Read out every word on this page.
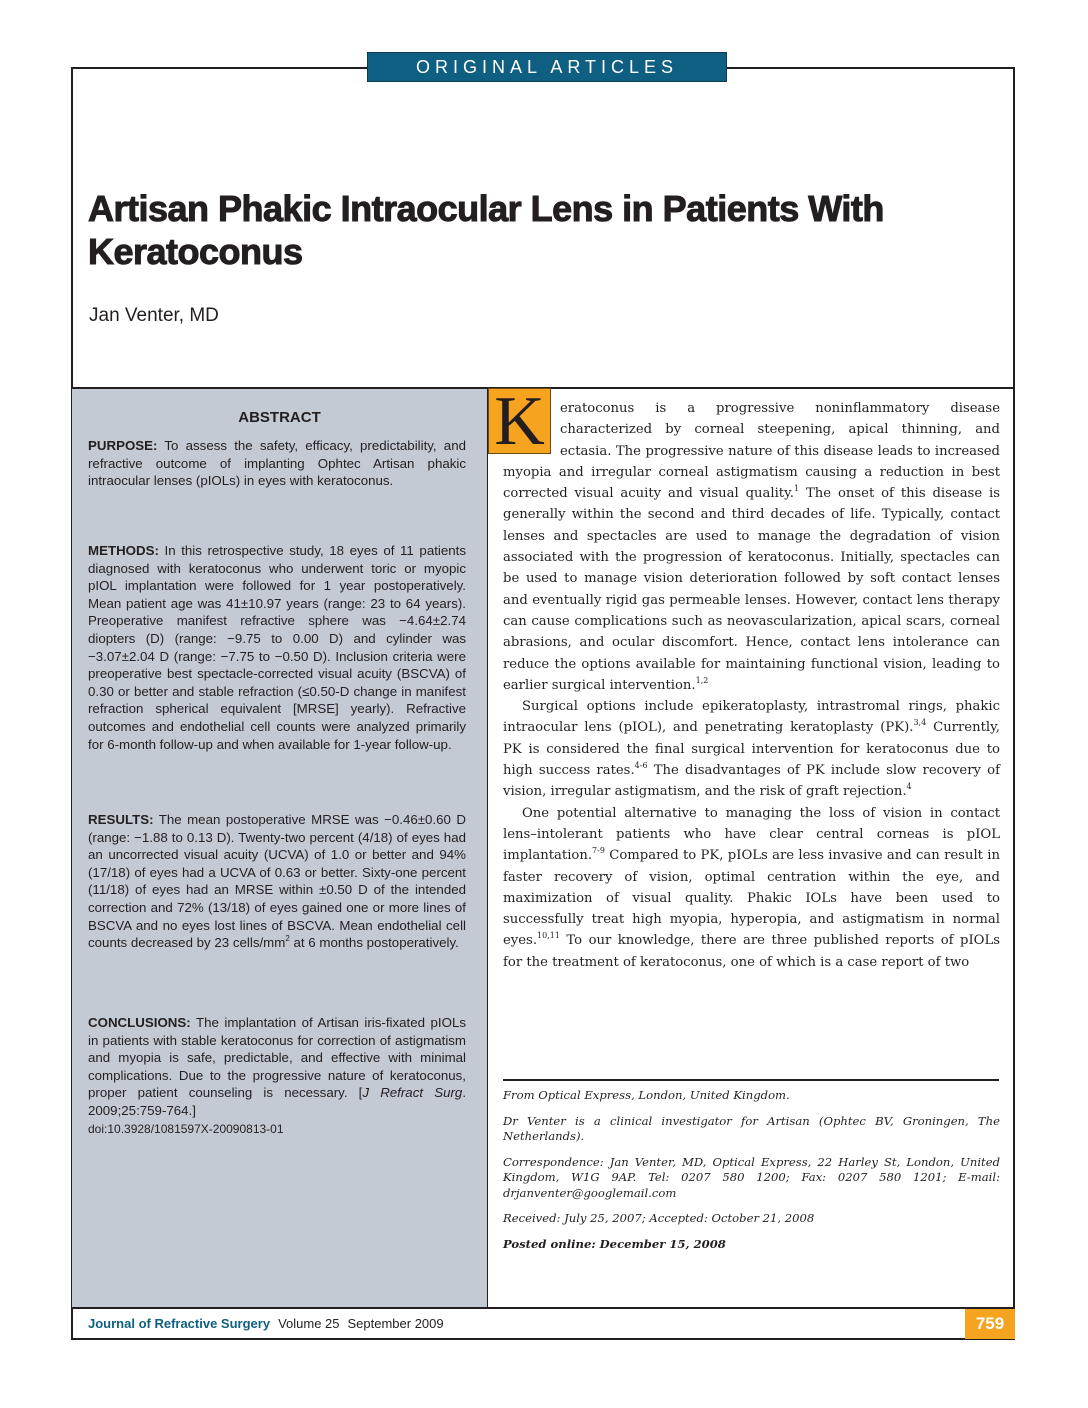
ORIGINAL ARTICLES
Artisan Phakic Intraocular Lens in Patients With Keratoconus
Jan Venter, MD
ABSTRACT
PURPOSE: To assess the safety, efficacy, predictability, and refractive outcome of implanting Ophtec Artisan phakic intraocular lenses (pIOLs) in eyes with keratoconus.
METHODS: In this retrospective study, 18 eyes of 11 patients diagnosed with keratoconus who underwent toric or myopic pIOL implantation were followed for 1 year postoperatively. Mean patient age was 41±10.97 years (range: 23 to 64 years). Preoperative manifest refractive sphere was −4.64±2.74 diopters (D) (range: −9.75 to 0.00 D) and cylinder was −3.07±2.04 D (range: −7.75 to −0.50 D). Inclusion criteria were preoperative best spectacle-corrected visual acuity (BSCVA) of 0.30 or better and stable refraction (≤0.50-D change in manifest refraction spherical equivalent [MRSE] yearly). Refractive outcomes and endothelial cell counts were analyzed primarily for 6-month follow-up and when available for 1-year follow-up.
RESULTS: The mean postoperative MRSE was −0.46±0.60 D (range: −1.88 to 0.13 D). Twenty-two percent (4/18) of eyes had an uncorrected visual acuity (UCVA) of 1.0 or better and 94% (17/18) of eyes had a UCVA of 0.63 or better. Sixty-one percent (11/18) of eyes had an MRSE within ±0.50 D of the intended correction and 72% (13/18) of eyes gained one or more lines of BSCVA and no eyes lost lines of BSCVA. Mean endothelial cell counts decreased by 23 cells/$mm^2$ at 6 months postoperatively.
CONCLUSIONS: The implantation of Artisan iris-fixated pIOLs in patients with stable keratoconus for correction of astigmatism and myopia is safe, predictable, and effective with minimal complications. Due to the progressive nature of keratoconus, proper patient counseling is necessary. [J Refract Surg. 2009;25:759-764.]
doi:10.3928/1081597X-20090813-01

K	eratoconus is a progressive noninflammatory disease characterized by corneal steepening, apical thinning, and ectasia. The progressive nature of this disease leads to increased myopia and irregular corneal astigmatism causing a reduction in best corrected visual acuity and visual quality.$^1$ The onset of this disease is generally within the second and third decades of life. Typically, contact lenses and spectacles are used to manage the degradation of vision associated with the progression of keratoconus. Initially, spectacles can be used to manage vision deterioration followed by soft contact lenses and eventually rigid gas permeable lenses. However, contact lens therapy can cause complications such as neovascularization, apical scars, corneal abrasions, and ocular discomfort. Hence, contact lens intolerance can reduce the options available for maintaining functional vision, leading to earlier surgical intervention.$^{1,2}$

Surgical options include epikeratoplasty, intrastromal rings, phakic intraocular lens (pIOL), and penetrating keratoplasty (PK).$^{3,4}$ Currently, PK is considered the final surgical intervention for keratoconus due to high success rates.$^{4-6}$ The disadvantages of PK include slow recovery of vision, irregular astigmatism, and the risk of graft rejection.$^4$

One potential alternative to managing the loss of vision in contact lens–intolerant patients who have clear central corneas is pIOL implantation.$^{7-9}$ Compared to PK, pIOLs are less invasive and can result in faster recovery of vision, optimal centration within the eye, and maximization of visual quality. Phakic IOLs have been used to successfully treat high myopia, hyperopia, and astigmatism in normal eyes.$^{10,11}$ To our knowledge, there are three published reports of pIOLs for the treatment of keratoconus, one of which is a case report of two

From Optical Express, London, United Kingdom.

Dr Venter is a clinical investigator for Artisan (Ophtec BV, Groningen, The Netherlands).

Correspondence: Jan Venter, MD, Optical Express, 22 Harley St, London, United Kingdom, W1G 9AP. Tel: 0207 580 1200; Fax: 0207 580 1201; E-mail: drjanventer@googlemail.com

Received: July 25, 2007; Accepted: October 21, 2008

Posted online: December 15, 2008

Journal of Refractive Surgery Volume 25 September 2009	759
